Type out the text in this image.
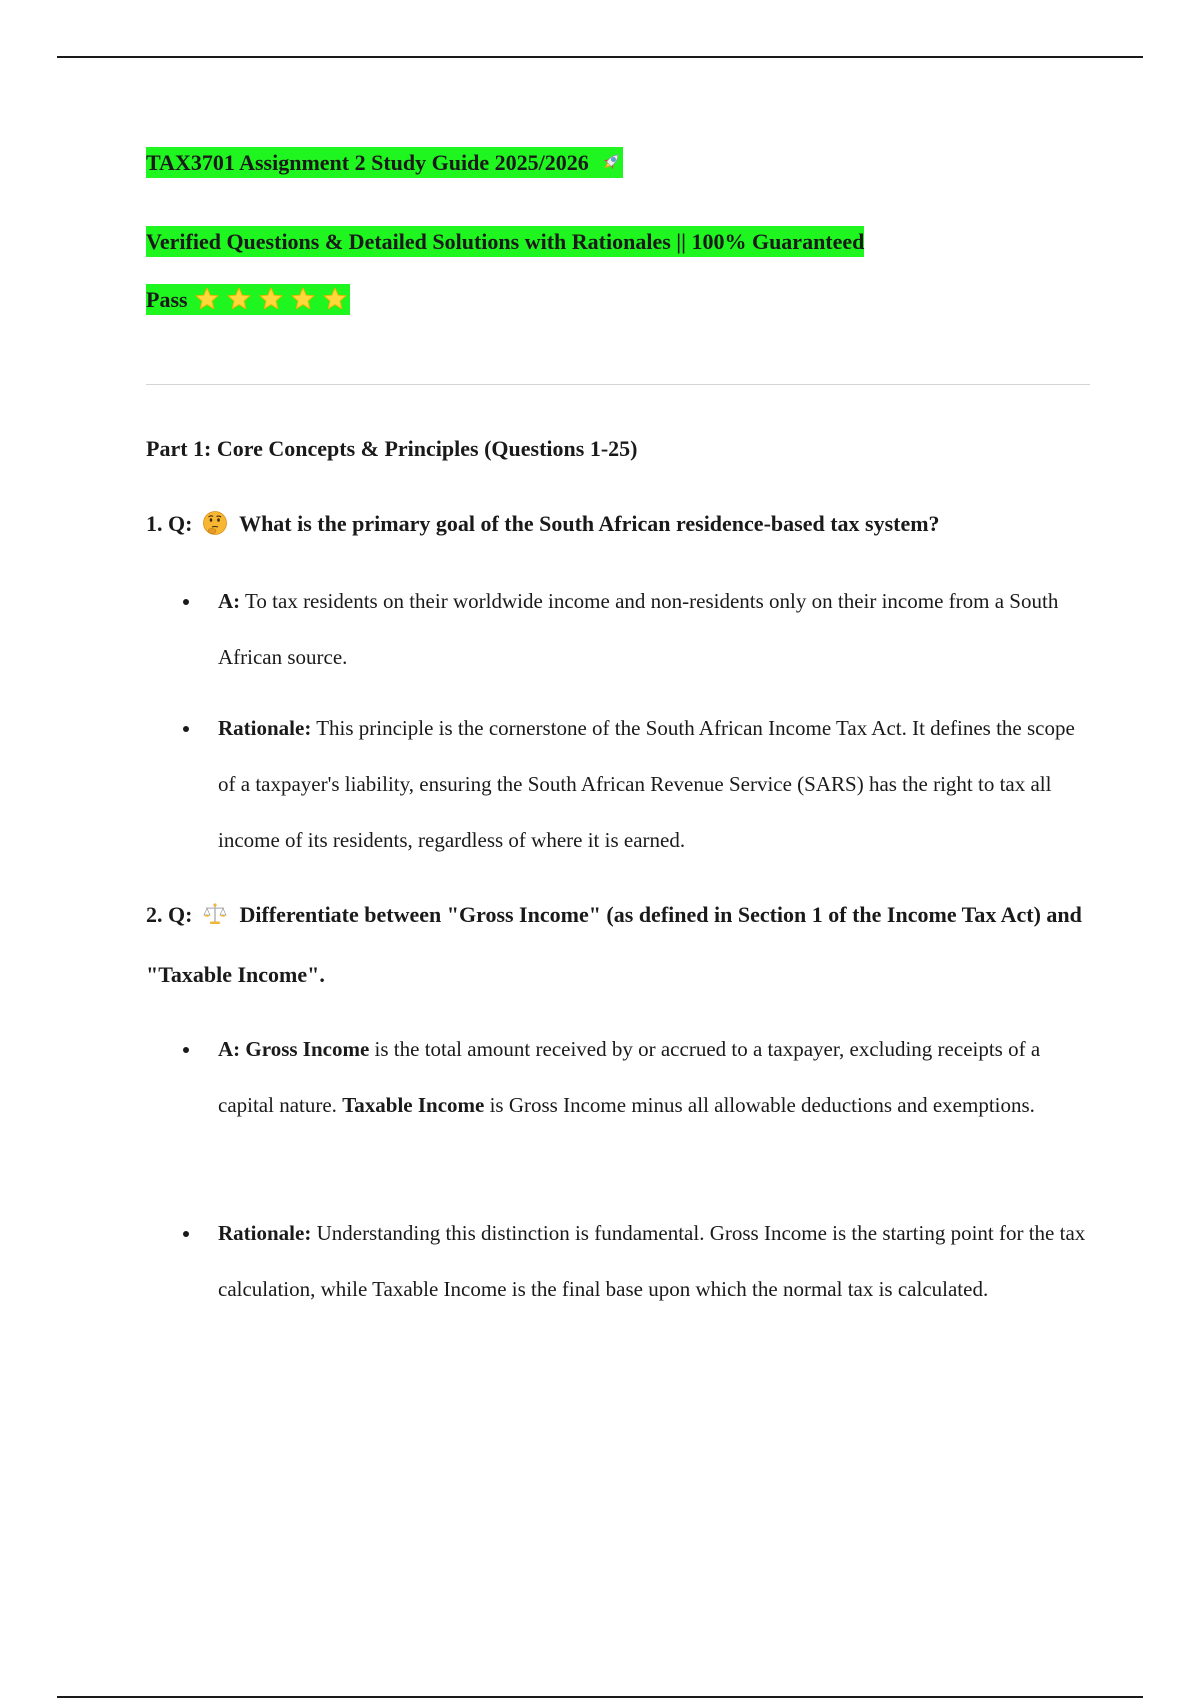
TAX3701 Assignment 2 Study Guide 2025/2026
Verified Questions & Detailed Solutions with Rationales || 100% Guaranteed
Pass
Part 1: Core Concepts & Principles (Questions 1-25)
1. Q: What is the primary goal of the South African residence-based tax system?
A: To tax residents on their worldwide income and non-residents only on their income from a South African source.
Rationale: This principle is the cornerstone of the South African Income Tax Act. It defines the scope of a taxpayer's liability, ensuring the South African Revenue Service (SARS) has the right to tax all income of its residents, regardless of where it is earned.
2. Q: Differentiate between "Gross Income" (as defined in Section 1 of the Income Tax Act) and "Taxable Income".
A: Gross Income is the total amount received by or accrued to a taxpayer, excluding receipts of a capital nature. Taxable Income is Gross Income minus all allowable deductions and exemptions.
Rationale: Understanding this distinction is fundamental. Gross Income is the starting point for the tax calculation, while Taxable Income is the final base upon which the normal tax is calculated.
